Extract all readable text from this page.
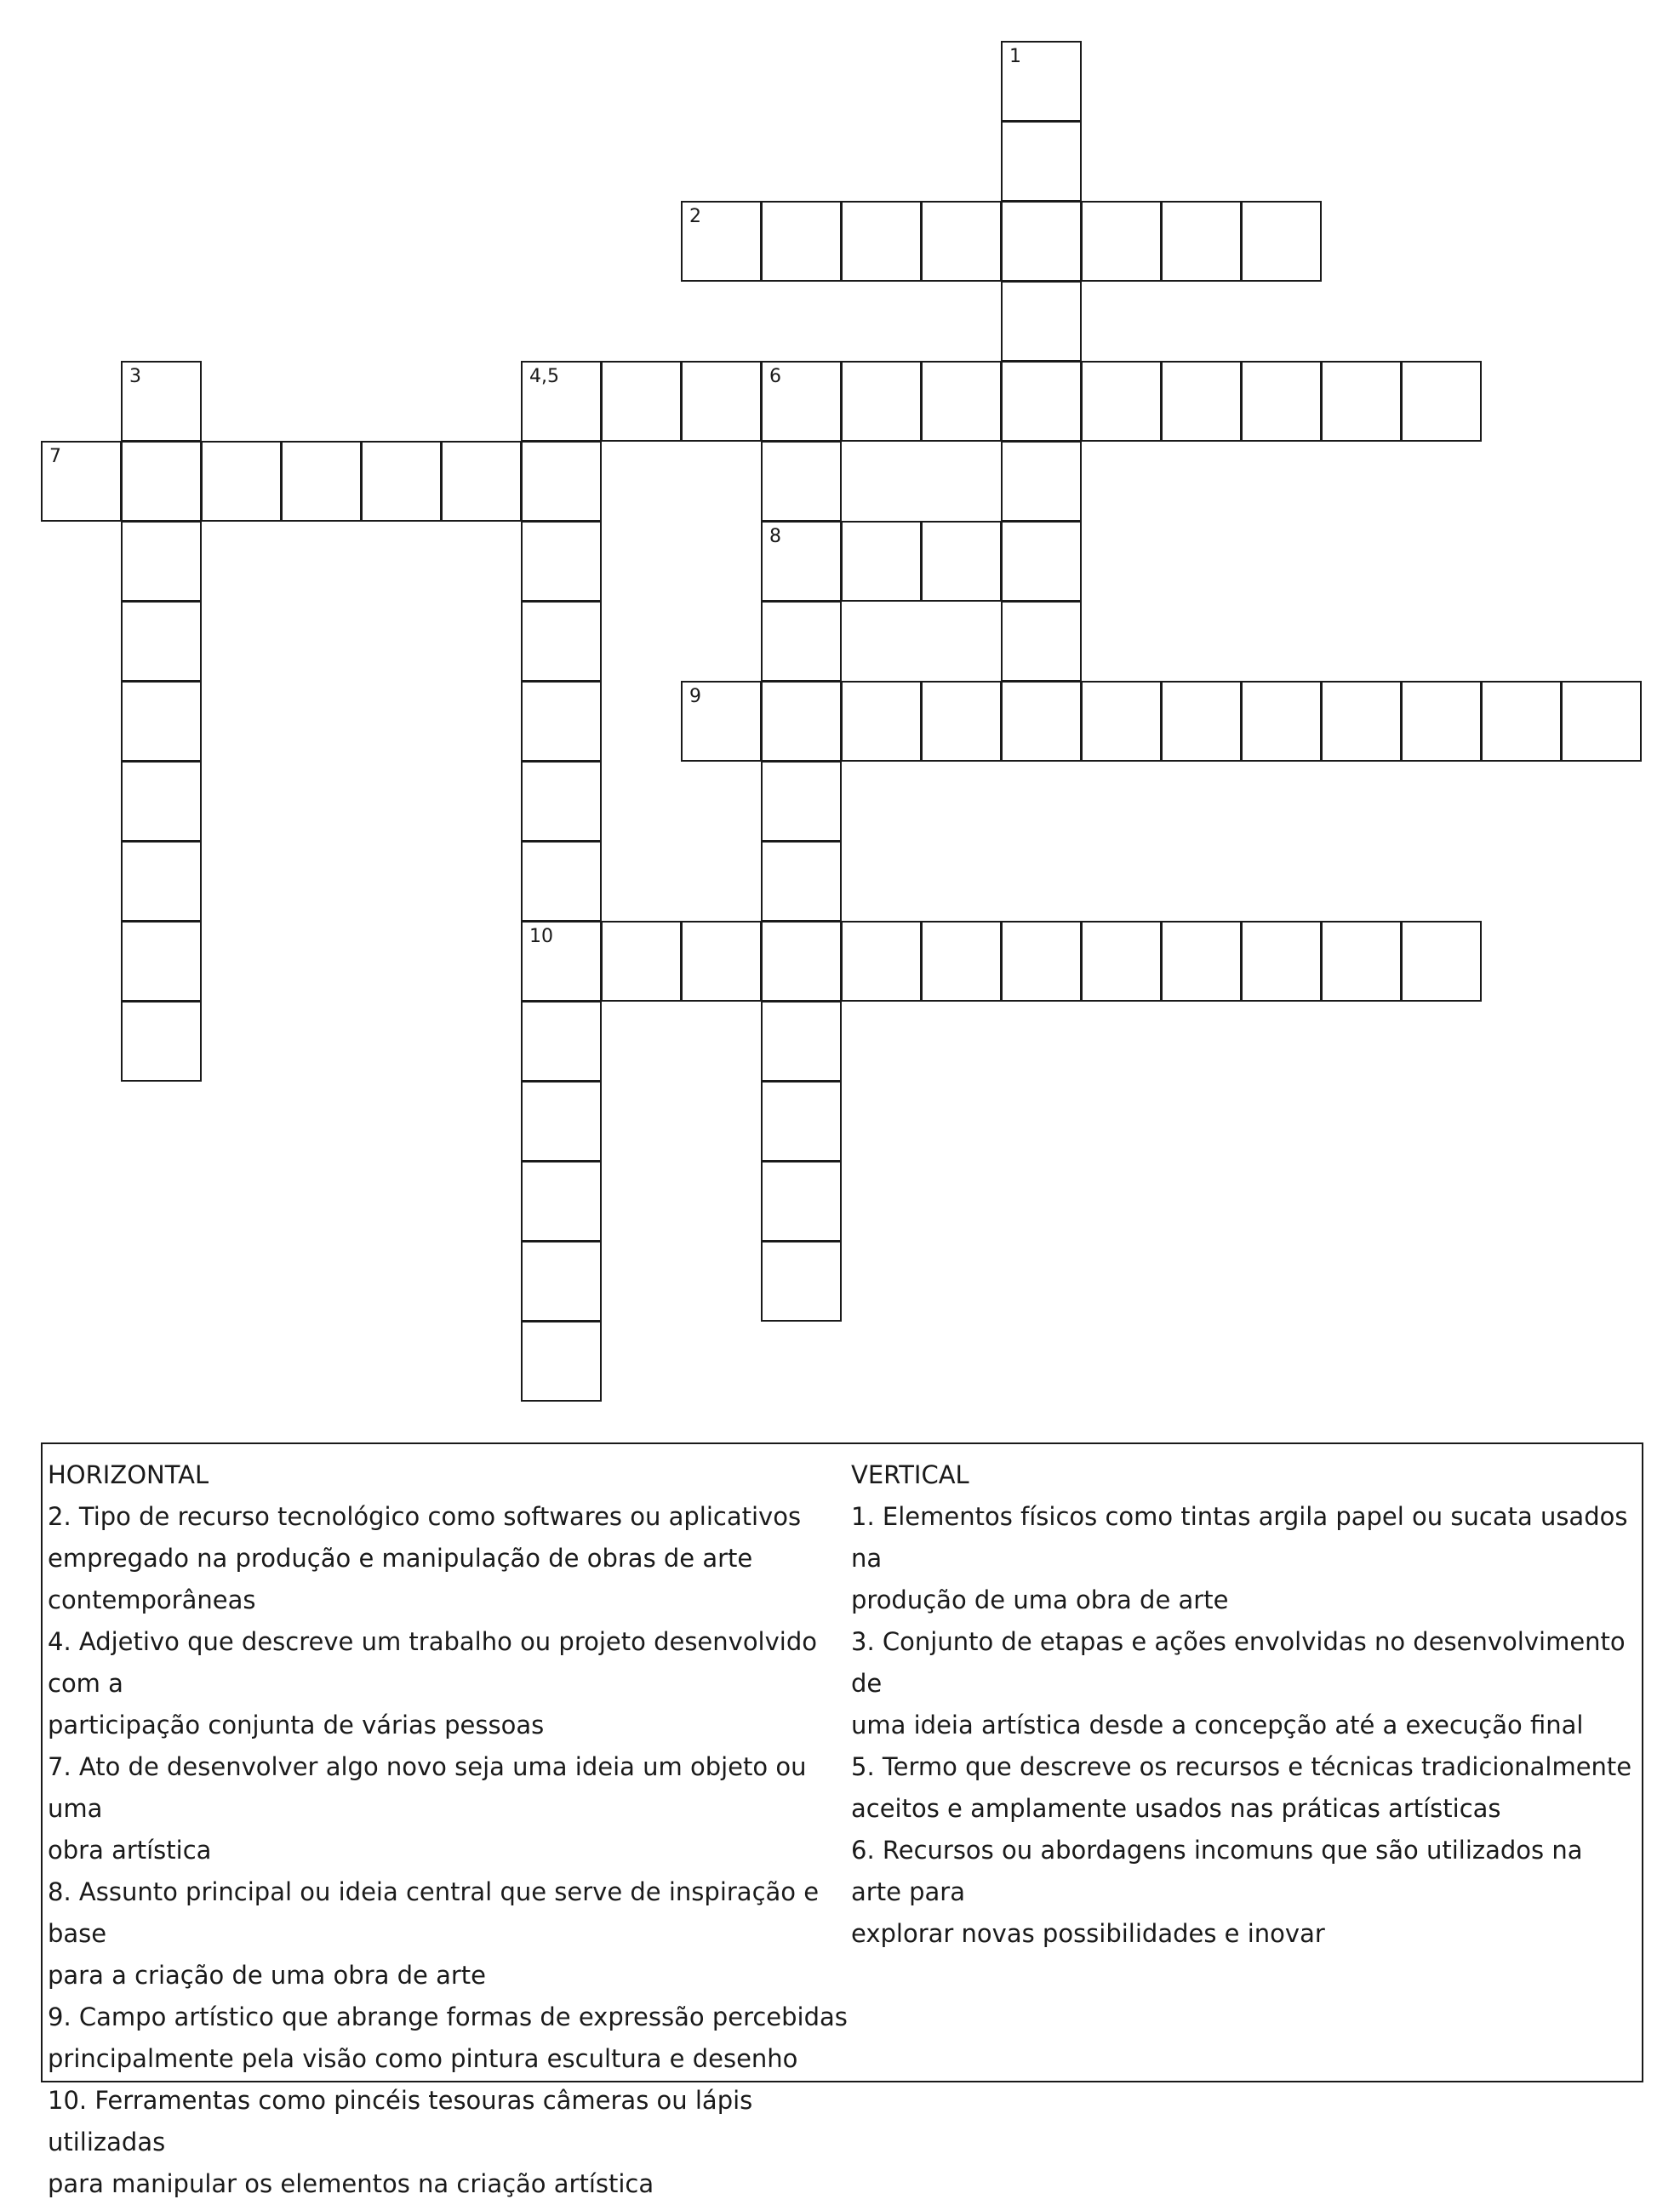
1
2
3	4,5	6
10
8
7
9
HORIZONTAL
2. Tipo de recurso tecnológico como softwares ou aplicativos
empregado na produção e manipulação de obras de arte
contemporâneas
4. Adjetivo que descreve um trabalho ou projeto desenvolvido com a
participação conjunta de várias pessoas
7. Ato de desenvolver algo novo seja uma ideia um objeto ou uma
obra artística
8. Assunto principal ou ideia central que serve de inspiração e base
para a criação de uma obra de arte
9. Campo artístico que abrange formas de expressão percebidas
principalmente pela visão como pintura escultura e desenho
10. Ferramentas como pincéis tesouras câmeras ou lápis utilizadas
para manipular os elementos na criação artística
VERTICAL
1. Elementos físicos como tintas argila papel ou sucata usados na
produção de uma obra de arte
3. Conjunto de etapas e ações envolvidas no desenvolvimento de
uma ideia artística desde a concepção até a execução final
5. Termo que descreve os recursos e técnicas tradicionalmente
aceitos e amplamente usados nas práticas artísticas
6. Recursos ou abordagens incomuns que são utilizados na arte para
explorar novas possibilidades e inovar
